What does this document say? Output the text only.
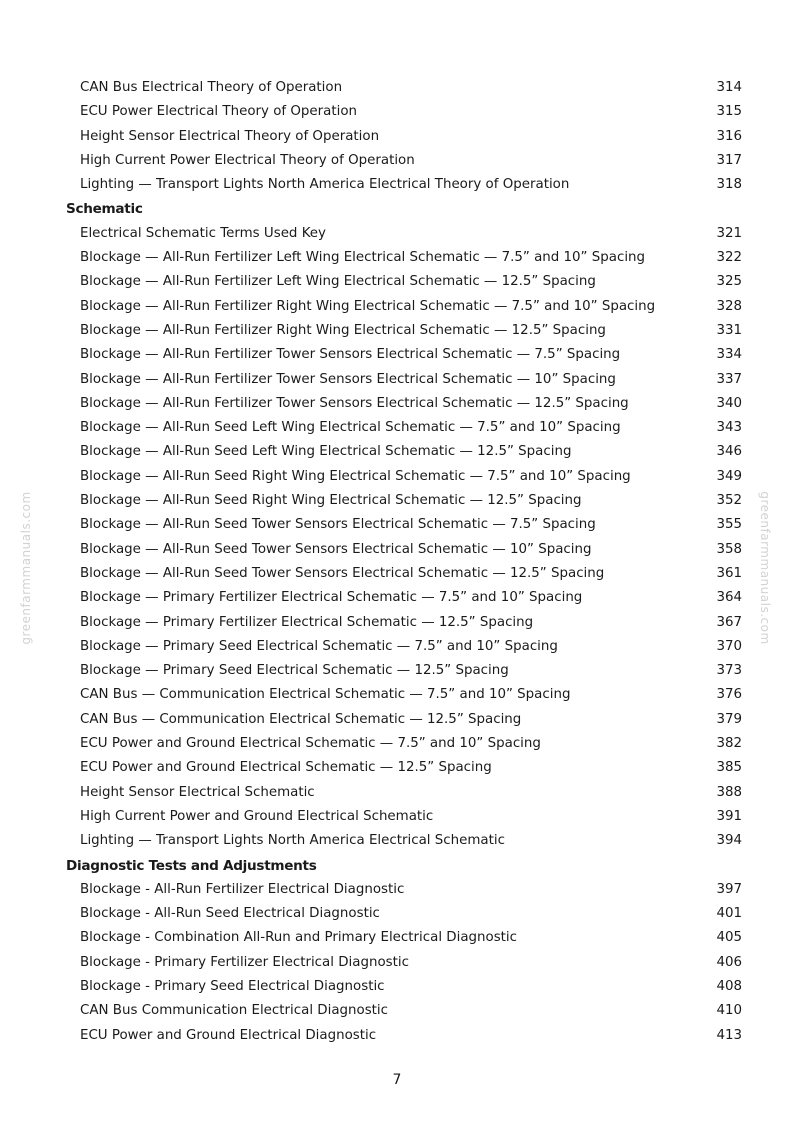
CAN Bus Electrical Theory of Operation	314
ECU Power Electrical Theory of Operation	315
Height Sensor Electrical Theory of Operation	316
High Current Power Electrical Theory of Operation	317
Lighting — Transport Lights North America Electrical Theory of Operation	318
Schematic
Electrical Schematic Terms Used Key	321
Blockage — All-Run Fertilizer Left Wing Electrical Schematic — 7.5” and 10” Spacing	322
Blockage — All-Run Fertilizer Left Wing Electrical Schematic — 12.5” Spacing	325
Blockage — All-Run Fertilizer Right Wing Electrical Schematic — 7.5” and 10” Spacing	328
Blockage — All-Run Fertilizer Right Wing Electrical Schematic — 12.5” Spacing	331
Blockage — All-Run Fertilizer Tower Sensors Electrical Schematic — 7.5” Spacing	334
Blockage — All-Run Fertilizer Tower Sensors Electrical Schematic — 10” Spacing	337
Blockage — All-Run Fertilizer Tower Sensors Electrical Schematic — 12.5” Spacing	340
Blockage — All-Run Seed Left Wing Electrical Schematic — 7.5” and 10” Spacing	343
Blockage — All-Run Seed Left Wing Electrical Schematic — 12.5” Spacing	346
Blockage — All-Run Seed Right Wing Electrical Schematic — 7.5” and 10” Spacing	349
Blockage — All-Run Seed Right Wing Electrical Schematic — 12.5” Spacing	352
Blockage — All-Run Seed Tower Sensors Electrical Schematic — 7.5” Spacing	355
Blockage — All-Run Seed Tower Sensors Electrical Schematic — 10” Spacing	358
Blockage — All-Run Seed Tower Sensors Electrical Schematic — 12.5” Spacing	361
Blockage — Primary Fertilizer Electrical Schematic — 7.5” and 10” Spacing	364
Blockage — Primary Fertilizer Electrical Schematic — 12.5” Spacing	367
Blockage — Primary Seed Electrical Schematic — 7.5” and 10” Spacing	370
Blockage — Primary Seed Electrical Schematic — 12.5” Spacing	373
CAN Bus — Communication Electrical Schematic — 7.5” and 10” Spacing	376
CAN Bus — Communication Electrical Schematic — 12.5” Spacing	379
ECU Power and Ground Electrical Schematic — 7.5” and 10” Spacing	382
ECU Power and Ground Electrical Schematic — 12.5” Spacing	385
Height Sensor Electrical Schematic	388
High Current Power and Ground Electrical Schematic	391
Lighting — Transport Lights North America Electrical Schematic	394
Diagnostic Tests and Adjustments
Blockage - All-Run Fertilizer Electrical Diagnostic	397
Blockage - All-Run Seed Electrical Diagnostic	401
Blockage - Combination All-Run and Primary Electrical Diagnostic	405
Blockage - Primary Fertilizer Electrical Diagnostic	406
Blockage - Primary Seed Electrical Diagnostic	408
CAN Bus Communication Electrical Diagnostic	410
ECU Power and Ground Electrical Diagnostic	413
greenfarmmanuals.com	greenfarmmanuals.com
7
